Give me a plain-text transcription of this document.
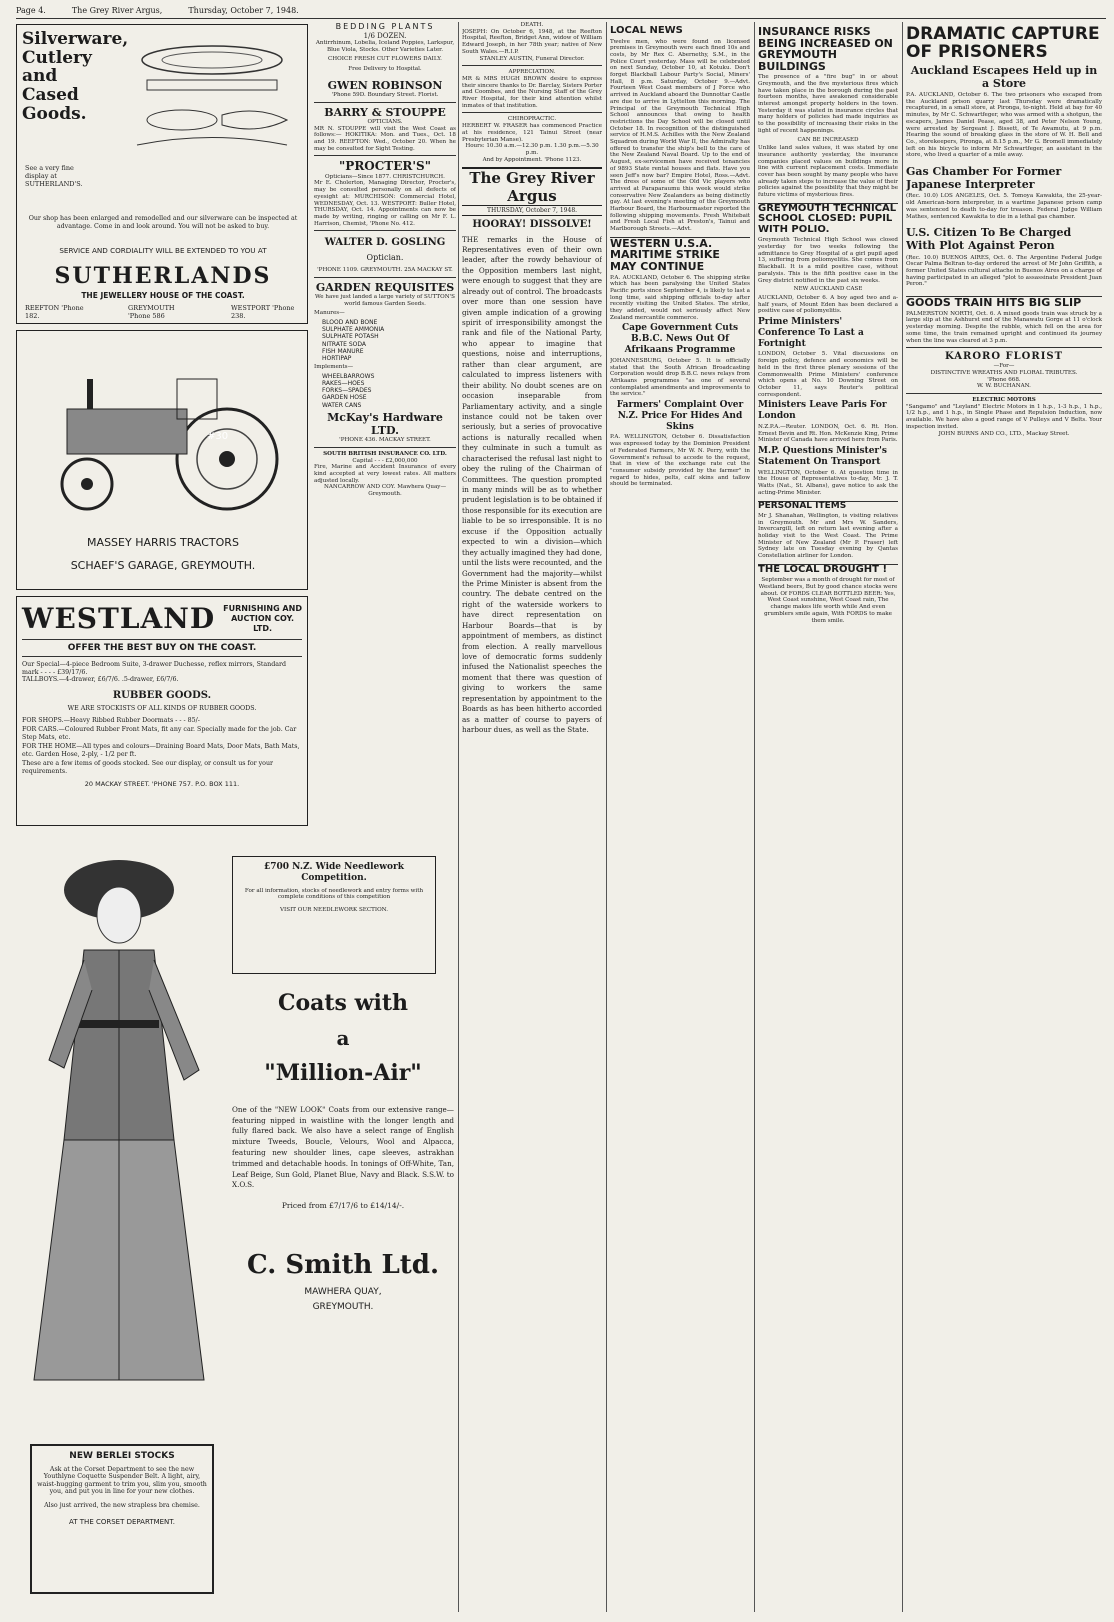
Page 4.	The Grey River Argus,	Thursday, October 7, 1948.
Silverware, Cutlery and Cased Goods.
See a very fine display at SUTHERLAND'S.
Our shop has been enlarged and remodelled and our silverware can be inspected at advantage. Come in and look around. You will not be asked to buy.
SERVICE AND CORDIALITY WILL BE EXTENDED TO YOU AT
SUTHERLANDS
THE JEWELLERY HOUSE OF THE COAST.
REEFTON 'Phone 182.
GREYMOUTH 'Phone 586
WESTPORT 'Phone 238.
#30
MASSEY HARRIS TRACTORS
SCHAEF'S GARAGE, GREYMOUTH.
WESTLAND FURNISHING AND AUCTION COY. LTD.
OFFER THE BEST BUY ON THE COAST.
Our Special—4-piece Bedroom Suite, 3-drawer Duchesse, reflex mirrors, Standard mark - - - - £39/17/6.
TALLBOYS.—4-drawer, £6/7/6. .5-drawer, £6/7/6.
RUBBER GOODS.
WE ARE STOCKISTS OF ALL KINDS OF RUBBER GOODS.
FOR SHOPS.—Heavy Ribbed Rubber Doormats - - - 85/-
FOR CARS.—Coloured Rubber Front Mats, fit any car. Specially made for the job. Car Step Mats, etc.
FOR THE HOME—All types and colours—Draining Board Mats, Door Mats, Bath Mats, etc. Garden Hose, 2-ply, - 1/2 per ft.
These are a few items of goods stocked. See our display, or consult us for your requirements.
20 MACKAY STREET. 'PHONE 757. P.O. BOX 111.
NEW BERLEI STOCKS
Ask at the Corset Department to see the new Youthlyne Coquette Suspender Belt. A light, airy, waist-hugging garment to trim you, slim you, smooth you, and put you in line for your new clothes.
Also just arrived, the new strapless bra chemise.
AT THE CORSET DEPARTMENT.
BEDDING PLANTS
1/6 DOZEN.
Antirrhinum, Lobelia, Iceland Poppies, Larkspur, Blue Viola, Stocks. Other Varieties Later.
CHOICE FRESH CUT FLOWERS DAILY.
Free Delivery to Hospital.
GWEN ROBINSON
'Phone 59D. Boundary Street. Florist.
BARRY & STOUPPE
OPTICIANS.
MR N. STOUPPE will visit the West Coast as follows:— HOKITIKA: Mon. and Tues., Oct. 18 and 19. REEFTON: Wed., October 20. When he may be consulted for Sight Testing.
"PROCTER'S"
Opticians—Since 1877. CHRISTCHURCH.
Mr E. Cholerton, Managing Director, Procter's, may be consulted personally on all defects of eyesight at: MURCHISON: Commercial Hotel, WEDNESDAY, Oct. 13. WESTPORT: Buller Hotel, THURSDAY, Oct. 14. Appointments can now be made by writing, ringing or calling on Mr F. L. Harrison, Chemist, 'Phone No. 412.
WALTER D. GOSLING
Optician.
'PHONE 1109. GREYMOUTH. 25A MACKAY ST.
GARDEN REQUISITES
We have just landed a large variety of SUTTON'S world famous Garden Seeds.
Manures—
BLOOD AND BONE
SULPHATE AMMONIA
SULPHATE POTASH
NITRATE SODA
FISH MANURE
HORTIPAP
Implements—
WHEELBARROWS
RAKES—HOES
FORKS—SPADES
GARDEN HOSE
WATER CANS
McKay's Hardware LTD.
'PHONE 436. MACKAY STREET.
SOUTH BRITISH INSURANCE CO. LTD.
Capital - - - £2,000,000
Fire, Marine and Accident Insurance of every kind accepted at very lowest rates. All matters adjusted locally.
NANCARROW AND COY. Mawhera Quay—Greymouth.
£700 N.Z. Wide Needlework Competition.
For all information, stocks of needlework and entry forms with complete conditions of this competition
VISIT OUR NEEDLEWORK SECTION.
Coats with
a
"Million-Air"
One of the "NEW LOOK" Coats from our extensive range—featuring nipped in waistline with the longer length and fully flared back. We also have a select range of English mixture Tweeds, Boucle, Velours, Wool and Alpacca, featuring new shoulder lines, cape sleeves, astrakhan trimmed and detachable hoods. In tonings of Off-White, Tan, Leaf Beige, Sun Gold, Planet Blue, Navy and Black. S.S.W. to X.O.S.
Priced from £7/17/6 to £14/14/-.
C. Smith Ltd.
MAWHERA QUAY,
GREYMOUTH.
DEATH.
JOSEPH: On October 6, 1948, at the Reefton Hospital, Reefton, Bridget Ann, widow of William Edward Joseph, in her 78th year; native of New South Wales.—R.I.P.
STANLEY AUSTIN, Funeral Director.
APPRECIATION.
MR & MRS HUGH BROWN desire to express their sincere thanks to Dr. Barclay, Sisters Porter and Coombes, and the Nursing Staff of the Grey River Hospital, for their kind attention whilst inmates of that institution.
CHIROPRACTIC.
HERBERT W. FRASER has commenced Practice at his residence, 121 Tainui Street (near Presbyterian Manse).
Hours: 10.30 a.m.—12.30 p.m. 1.30 p.m.—5.30 p.m.
And by Appointment. 'Phone 1123.
The Grey River Argus
THURSDAY, October 7, 1948.
HOORAY! DISSOLVE!
THE remarks in the House of Representatives even of their own leader, after the rowdy behaviour of the Opposition members last night, were enough to suggest that they are already out of control. The broadcasts over more than one session have given ample indication of a growing spirit of irresponsibility amongst the rank and file of the National Party, who appear to imagine that questions, noise and interruptions, rather than clear argument, are calculated to impress listeners with their ability. No doubt scenes are on occasion inseparable from Parliamentary activity, and a single instance could not be taken over seriously, but a series of provocative actions is naturally recalled when they culminate in such a tumult as characterised the refusal last night to obey the ruling of the Chairman of Committees. The question prompted in many minds will be as to whether prudent legislation is to be obtained if those responsible for its execution are liable to be so irresponsible. It is no excuse if the Opposition actually expected to win a division—which they actually imagined they had done, until the lists were recounted, and the Government had the majority—whilst the Prime Minister is absent from the country. The debate centred on the right of the waterside workers to have direct representation on Harbour Boards—that is by appointment of members, as distinct from election. A really marvellous love of democratic forms suddenly infused the Nationalist speeches the moment that there was question of giving to workers the same representation by appointment to the Boards as has been hitherto accorded as a matter of course to payers of harbour dues, as well as the State.
LOCAL NEWS
Twelve men, who were found on licensed premises in Greymouth were each fined 10s and costs, by Mr Rex C. Abernethy, S.M., in the Police Court yesterday. Mass will be celebrated on next Sunday, October 10, at Kotuku. Don't forget Blackball Labour Party's Social, Miners' Hall, 8 p.m. Saturday, October 9.—Advt. Fourteen West Coast members of J Force who arrived in Auckland aboard the Dunnottar Castle are due to arrive in Lyttelton this morning. The Principal of the Greymouth Technical High School announces that owing to health restrictions the Day School will be closed until October 18. In recognition of the distinguished service of H.M.S. Achilles with the New Zealand Squadron during World War II, the Admiralty has offered to transfer the ship's bell to the care of the New Zealand Naval Board. Up to the end of August, ex-servicemen have received tenancies of 9893 State rental houses and flats. Have you seen Jeff's now bar? Empire Hotel, Ross.—Advt. The dress of some of the Old Vic players who arrived at Paraparaumu this week would strike conservative New Zealanders as being distinctly gay. At last evening's meeting of the Greymouth Harbour Board, the Harbourmaster reported the following shipping movements. Fresh Whitebait and Fresh Local Fish at Preston's, Tainui and Marlborough Streets.—Advt.
WESTERN U.S.A. MARITIME STRIKE MAY CONTINUE
P.A. AUCKLAND, October 6. The shipping strike which has been paralysing the United States Pacific ports since September 4, is likely to last a long time, said shipping officials to-day after recently visiting the United States. The strike, they added, would not seriously affect New Zealand mercantile commerce.
Cape Government Cuts B.B.C. News Out Of Afrikaans Programme
JOHANNESBURG, October 5. It is officially stated that the South African Broadcasting Corporation would drop B.B.C. news relays from Afrikaans programmes "as one of several contemplated amendments and improvements to the service."
Farmers' Complaint Over N.Z. Price For Hides And Skins
P.A. WELLINGTON, October 6. Dissatisfaction was expressed today by the Dominion President of Federated Farmers, Mr W. N. Perry, with the Government's refusal to accede to the request, that in view of the exchange rate cut the "consumer subsidy provided by the farmer" in regard to hides, pelts, calf skins and tallow should be terminated.
INSURANCE RISKS BEING INCREASED ON GREYMOUTH BUILDINGS
The presence of a "fire bug" in or about Greymouth, and the five mysterious fires which have taken place in the borough during the past fourteen months, have awakened considerable interest amongst property holders in the town. Yesterday it was stated in insurance circles that many holders of policies had made inquiries as to the possibility of increasing their risks in the light of recent happenings.
CAN BE INCREASED
Unlike land sales values, it was stated by one insurance authority yesterday, the insurance companies placed values on buildings more in line with current replacement costs. Immediate cover has been sought by many people who have already taken steps to increase the value of their policies against the possibility that they might be future victims of mysterious fires.
GREYMOUTH TECHNICAL SCHOOL CLOSED: PUPIL WITH POLIO.
Greymouth Technical High School was closed yesterday for two weeks following the admittance to Grey Hospital of a girl pupil aged 13, suffering from poliomyelitis. She comes from Blackball. It is a mild positive case, without paralysis. This is the fifth positive case in the Grey district notified in the past six weeks.
NEW AUCKLAND CASE
AUCKLAND, October 6. A boy aged two and a-half years, of Mount Eden has been declared a positive case of poliomyelitis.
Prime Ministers' Conference To Last a Fortnight
LONDON, October 5. Vital discussions on foreign policy, defence and economics will be held in the first three plenary sessions of the Commonwealth Prime Ministers' conference which opens at No. 10 Downing Street on October 11, says Reuter's political correspondent.
Ministers Leave Paris For London
N.Z.P.A.—Reuter. LONDON, Oct. 6. Rt. Hon. Ernest Bevin and Rt. Hon. McKenzie King, Prime Minister of Canada have arrived here from Paris.
M.P. Questions Minister's Statement On Transport
WELLINGTON, October 6. At question time in the House of Representatives to-day, Mr. J. T. Watts (Nat., St. Albans), gave notice to ask the acting-Prime Minister.
PERSONAL ITEMS
Mr J. Shanahan, Wellington, is visiting relatives in Greymouth. Mr and Mrs W. Sanders, Invercargill, left on return last evening after a holiday visit to the West Coast. The Prime Minister of New Zealand (Mr P. Fraser) left Sydney late on Tuesday evening by Qantas Constellation airliner for London.
THE LOCAL DROUGHT !
September was a month of drought for most of Westland beers, But by good chance stocks were about. Of FORDS CLEAR BOTTLED BEER: Yes, West Coast sunshine, West Coast rain, The change makes life worth while And even grumblers smile again, With FORDS to make them smile.
DRAMATIC CAPTURE OF PRISONERS
Auckland Escapees Held up in a Store
P.A. AUCKLAND, October 6. The two prisoners who escaped from the Auckland prison quarry last Thursday were dramatically recaptured, in a small store, at Pironga, to-night. Held at bay for 40 minutes, by Mr C. Schwartfeger, who was armed with a shotgun, the escapers, James Daniel Pease, aged 38, and Peter Nelson Young, were arrested by Sergeant J. Bissett, of Te Awamutu, at 9 p.m. Hearing the sound of breaking glass in the store of W. H. Bell and Co., storekeepers, Pironga, at 8.15 p.m., Mr G. Bromell immediately left on his bicycle to inform Mr Schwartfeger, an assistant in the store, who lived a quarter of a mile away.
Gas Chamber For Former Japanese Interpreter
(Rec. 10.0) LOS ANGELES, Oct. 5. Tomoya Kawakita, the 25-year-old American-born interpreter, in a wartime Japanese prison camp was sentenced to death to-day for treason. Federal Judge William Mathes, sentenced Kawakita to die in a lethal gas chamber.
U.S. Citizen To Be Charged With Plot Against Peron
(Rec. 10.0) BUENOS AIRES, Oct. 6. The Argentine Federal Judge Oscar Palma Beltran to-day ordered the arrest of Mr John Griffith, a former United States cultural attache in Buenos Aires on a charge of having participated in an alleged "plot to assassinate President Juan Peron."
GOODS TRAIN HITS BIG SLIP
PALMERSTON NORTH, Oct. 6. A mixed goods train was struck by a large slip at the Ashhurst end of the Manawatu Gorge at 11 o'clock yesterday morning. Despite the rubble, which fell on the area for some time, the train remained upright and continued its journey when the line was cleared at 3 p.m.
KARORO FLORIST
—For—
DISTINCTIVE WREATHS AND FLORAL TRIBUTES.
'Phone 668.
W. W. BUCHANAN.
ELECTRIC MOTORS
"Sangamo" and "Leyland" Electric Motors in 1 h.p., 1-3 h.p., 1 h.p., 1/2 h.p., and 1 h.p., in Single Phase and Repulsion Induction, now available. We have also a good range of V Pulleys and V Belts. Your inspection invited.
JOHN BURNS AND CO., LTD., Mackay Street.
